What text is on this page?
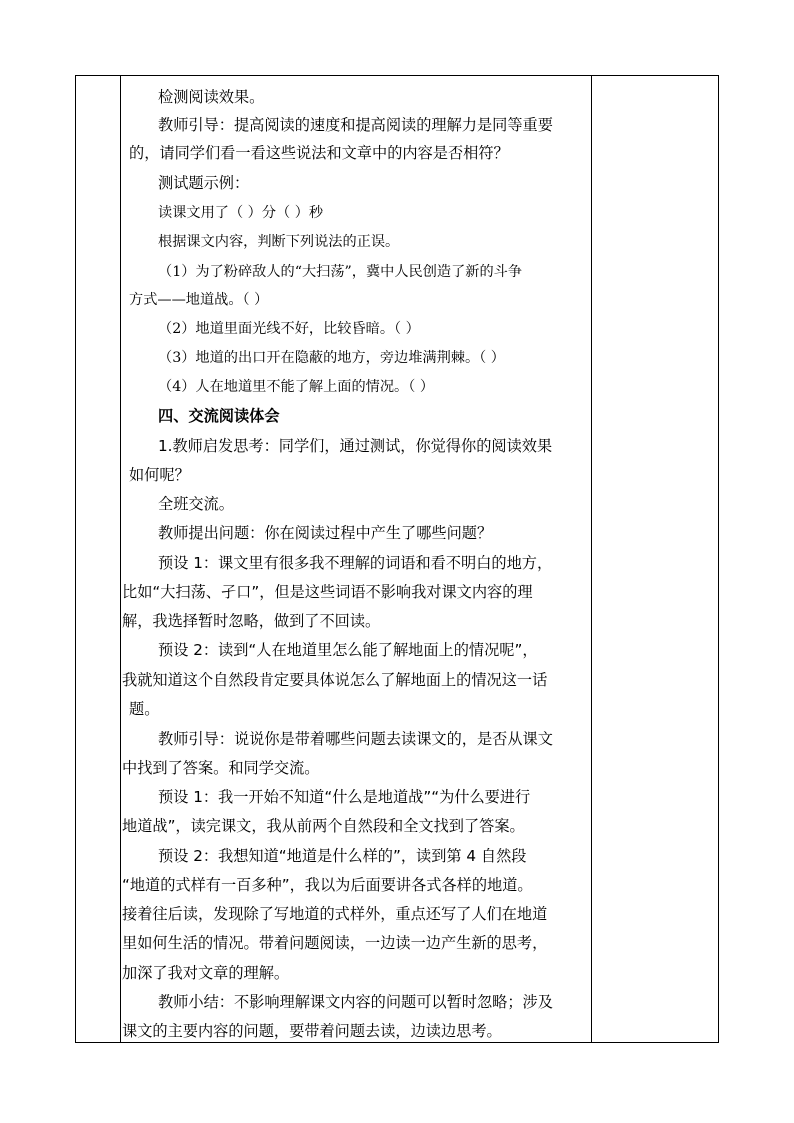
检测阅读效果。
教师引导：提高阅读的速度和提高阅读的理解力是同等重要
的，请同学们看一看这些说法和文章中的内容是否相符？
测试题示例：
读课文用了（ ）分（ ）秒
根据课文内容，判断下列说法的正误。
（1）为了粉碎敌人的“大扫荡”，冀中人民创造了新的斗争
方式——地道战。（ ）
（2）地道里面光线不好，比较昏暗。（ ）
（3）地道的出口开在隐蔽的地方，旁边堆满荆棘。（ ）
（4）人在地道里不能了解上面的情况。（ ）
四、交流阅读体会
1.教师启发思考：同学们，通过测试，你觉得你的阅读效果
如何呢？
全班交流。
教师提出问题：你在阅读过程中产生了哪些问题？
预设 1：课文里有很多我不理解的词语和看不明白的地方，
比如“大扫荡、孑口”，但是这些词语不影响我对课文内容的理
解，我选择暂时忽略，做到了不回读。
预设 2：读到“人在地道里怎么能了解地面上的情况呢”，
我就知道这个自然段肯定要具体说怎么了解地面上的情况这一话
题。
教师引导：说说你是带着哪些问题去读课文的，是否从课文
中找到了答案。和同学交流。
预设 1：我一开始不知道“什么是地道战”“为什么要进行
地道战”，读完课文，我从前两个自然段和全文找到了答案。
预设 2：我想知道“地道是什么样的”，读到第 4 自然段
“地道的式样有一百多种”，我以为后面要讲各式各样的地道。
接着往后读，发现除了写地道的式样外，重点还写了人们在地道
里如何生活的情况。带着问题阅读，一边读一边产生新的思考，
加深了我对文章的理解。
教师小结：不影响理解课文内容的问题可以暂时忽略；涉及
课文的主要内容的问题，要带着问题去读，边读边思考。
